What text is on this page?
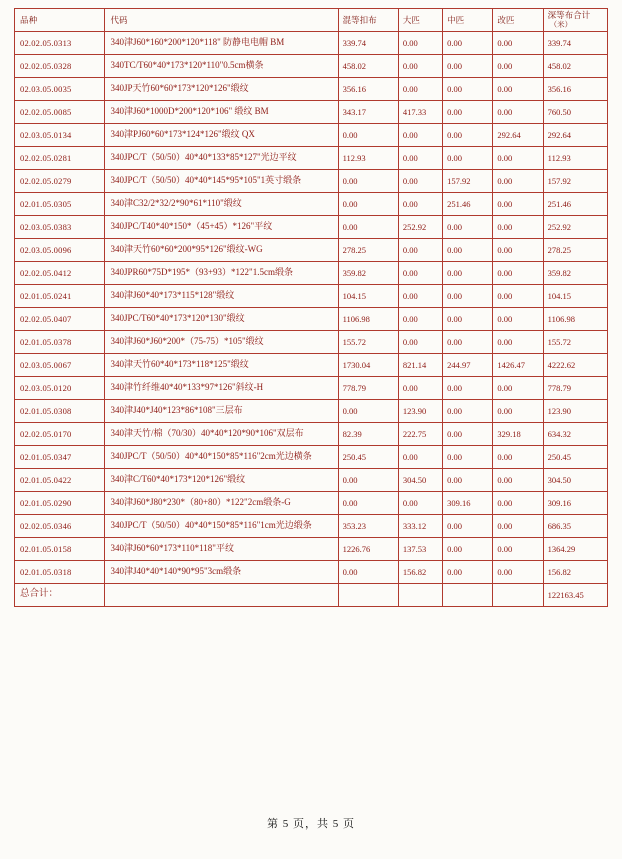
品种	代码	混等扣布	大匹	中匹	改匹	深等布合计
（米）

02.02.05.0313	340津J60*160*200*120*118" 防静电电帽 BM	339.74	0.00	0.00	0.00	339.74
02.02.05.0328	340TC/T60*40*173*120*110"0.5cm横条	458.02	0.00	0.00	0.00	458.02
02.03.05.0035	340JP天竹60*60*173*120*126"缎纹	356.16	0.00	0.00	0.00	356.16
02.02.05.0085	340津J60*1000D*200*120*106" 缎纹 BM	343.17	417.33	0.00	0.00	760.50
02.03.05.0134	340津PJ60*60*173*124*126"缎纹 QX	0.00	0.00	0.00	292.64	292.64
02.02.05.0281	340JPC/T（50/50）40*40*133*85*127"光边平纹	112.93	0.00	0.00	0.00	112.93
02.02.05.0279	340JPC/T（50/50）40*40*145*95*105"1英寸缎条	0.00	0.00	157.92	0.00	157.92
02.01.05.0305	340津C32/2*32/2*90*61*110"缎纹	0.00	0.00	251.46	0.00	251.46
02.03.05.0383	340JPC/T40*40*150*（45+45）*126"平纹	0.00	252.92	0.00	0.00	252.92
02.03.05.0096	340津天竹60*60*200*95*126"缎纹-WG	278.25	0.00	0.00	0.00	278.25
02.02.05.0412	340JPR60*75D*195*（93+93）*122"1.5cm缎条	359.82	0.00	0.00	0.00	359.82
02.01.05.0241	340津J60*40*173*115*128"缎纹	104.15	0.00	0.00	0.00	104.15
02.02.05.0407	340JPC/T60*40*173*120*130"缎纹	1106.98	0.00	0.00	0.00	1106.98
02.01.05.0378	340津J60*J60*200*（75-75）*105"缎纹	155.72	0.00	0.00	0.00	155.72
02.03.05.0067	340津天竹60*40*173*118*125"缎纹	1730.04	821.14	244.97	1426.47	4222.62
02.03.05.0120	340津竹纤维40*40*133*97*126"斜纹-H	778.79	0.00	0.00	0.00	778.79
02.01.05.0308	340津J40*J40*123*86*108"三层布	0.00	123.90	0.00	0.00	123.90
02.02.05.0170	340津天竹/棉（70/30）40*40*120*90*106"双层布	82.39	222.75	0.00	329.18	634.32
02.01.05.0347	340JPC/T（50/50）40*40*150*85*116"2cm光边横条	250.45	0.00	0.00	0.00	250.45
02.01.05.0422	340津C/T60*40*173*120*126"缎纹	0.00	304.50	0.00	0.00	304.50
02.01.05.0290	340津J60*J80*230*（80+80）*122"2cm缎条-G	0.00	0.00	309.16	0.00	309.16
02.02.05.0346	340JPC/T（50/50）40*40*150*85*116"1cm光边缎条	353.23	333.12	0.00	0.00	686.35
02.01.05.0158	340津J60*60*173*110*118"平纹	1226.76	137.53	0.00	0.00	1364.29
02.01.05.0318	340津J40*40*140*90*95"3cm缎条	0.00	156.82	0.00	0.00	156.82
总合计：						122163.45
第 5 页，共 5 页
